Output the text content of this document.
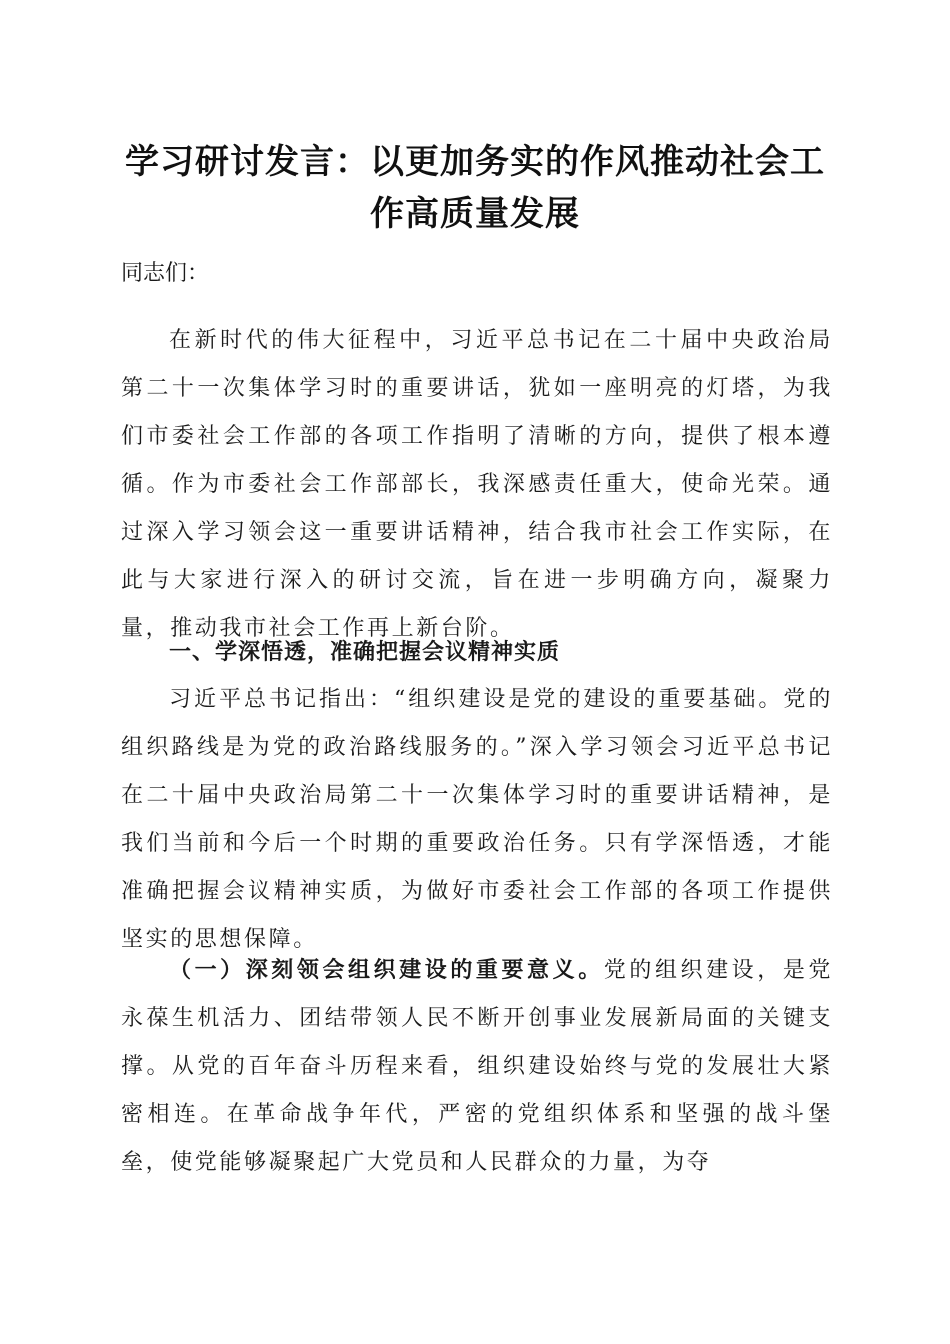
学习研讨发言：以更加务实的作风推动社会工
作高质量发展
同志们：

在新时代的伟大征程中，习近平总书记在二十届中央政治局第二十一次集体学习时的重要讲话，犹如一座明亮的灯塔，为我们市委社会工作部的各项工作指明了清晰的方向，提供了根本遵循。作为市委社会工作部部长，我深感责任重大，使命光荣。通过深入学习领会这一重要讲话精神，结合我市社会工作实际，在此与大家进行深入的研讨交流，旨在进一步明确方向，凝聚力量，推动我市社会工作再上新台阶。

一、学深悟透，准确把握会议精神实质

习近平总书记指出：“组织建设是党的建设的重要基础。党的组织路线是为党的政治路线服务的。”深入学习领会习近平总书记在二十届中央政治局第二十一次集体学习时的重要讲话精神，是我们当前和今后一个时期的重要政治任务。只有学深悟透，才能准确把握会议精神实质，为做好市委社会工作部的各项工作提供坚实的思想保障。

（一）深刻领会组织建设的重要意义。党的组织建设，是党永葆生机活力、团结带领人民不断开创事业发展新局面的关键支撑。从党的百年奋斗历程来看，组织建设始终与党的发展壮大紧密相连。在革命战争年代，严密的党组织体系和坚强的战斗堡垒，使党能够凝聚起广大党员和人民群众的力量，为夺
